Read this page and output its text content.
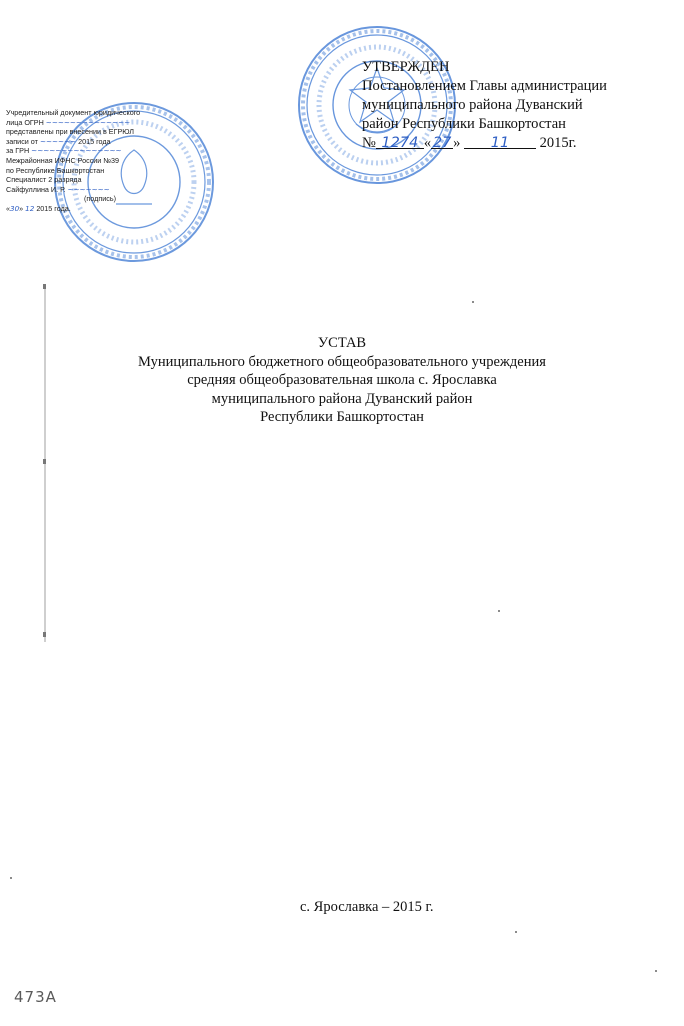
Учредительный документ юридического
лица ОГРН ~~~~~~~~~~~~~~
представлены при внесении в ЕГРЮЛ
записи от ~~~~~~ 2015 года
за ГРН ~~~~~~~~~~~~~~~
Межрайонная ИФНС России №39
по Республике Башкортостан
Специалист 2 разряда
Сайфуллина И. Р. ~~~~~~~
(подпись)
«30» 12 2015 года.
УТВЕРЖДЕН
Постановлением Главы администрации
муниципального района Дуванский
район Республики Башкортостан
№ 1274 « 27 » 11 2015г.
УСТАВ
Муниципального бюджетного общеобразовательного учреждения
средняя общеобразовательная школа с. Ярославка
муниципального района Дуванский район
Республики Башкортостан
с. Ярославка – 2015 г.
473А
